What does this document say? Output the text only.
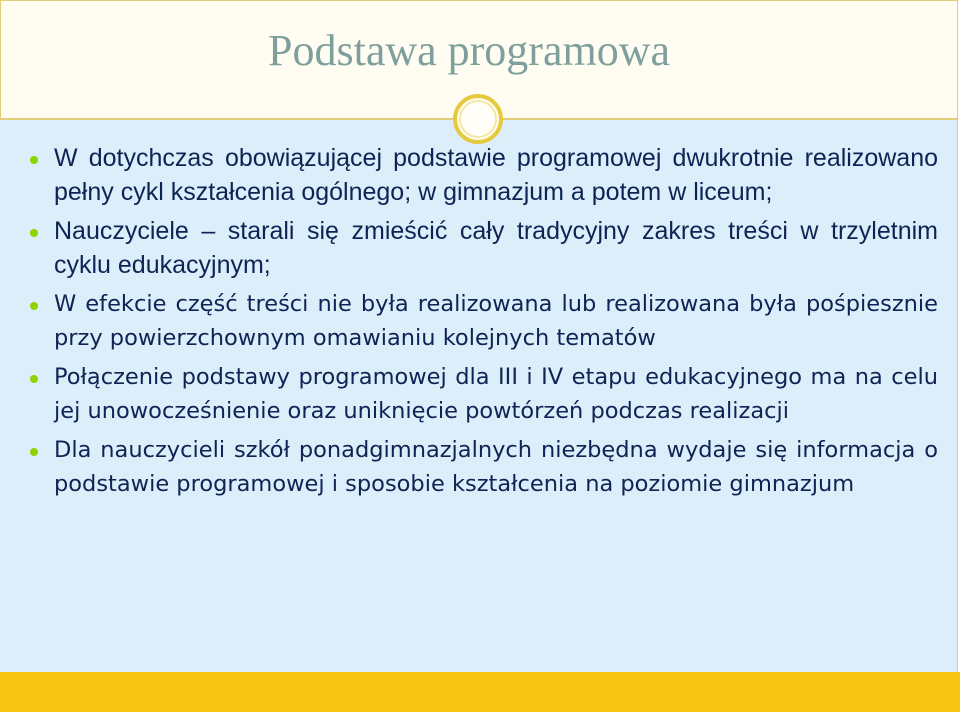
Podstawa programowa
W dotychczas obowiązującej podstawie programowej dwukrotnie realizowano pełny cykl kształcenia ogólnego; w gimnazjum a potem w liceum;
Nauczyciele – starali się zmieścić cały tradycyjny zakres treści w trzyletnim cyklu edukacyjnym;
W efekcie część treści nie była realizowana lub realizowana była pośpiesznie przy powierzchownym omawianiu kolejnych tematów
Połączenie podstawy programowej dla III i IV etapu edukacyjnego ma na celu jej unowocześnienie oraz uniknięcie powtórzeń podczas realizacji
Dla nauczycieli szkół ponadgimnazjalnych niezbędna wydaje się informacja o podstawie programowej i sposobie kształcenia na poziomie gimnazjum
